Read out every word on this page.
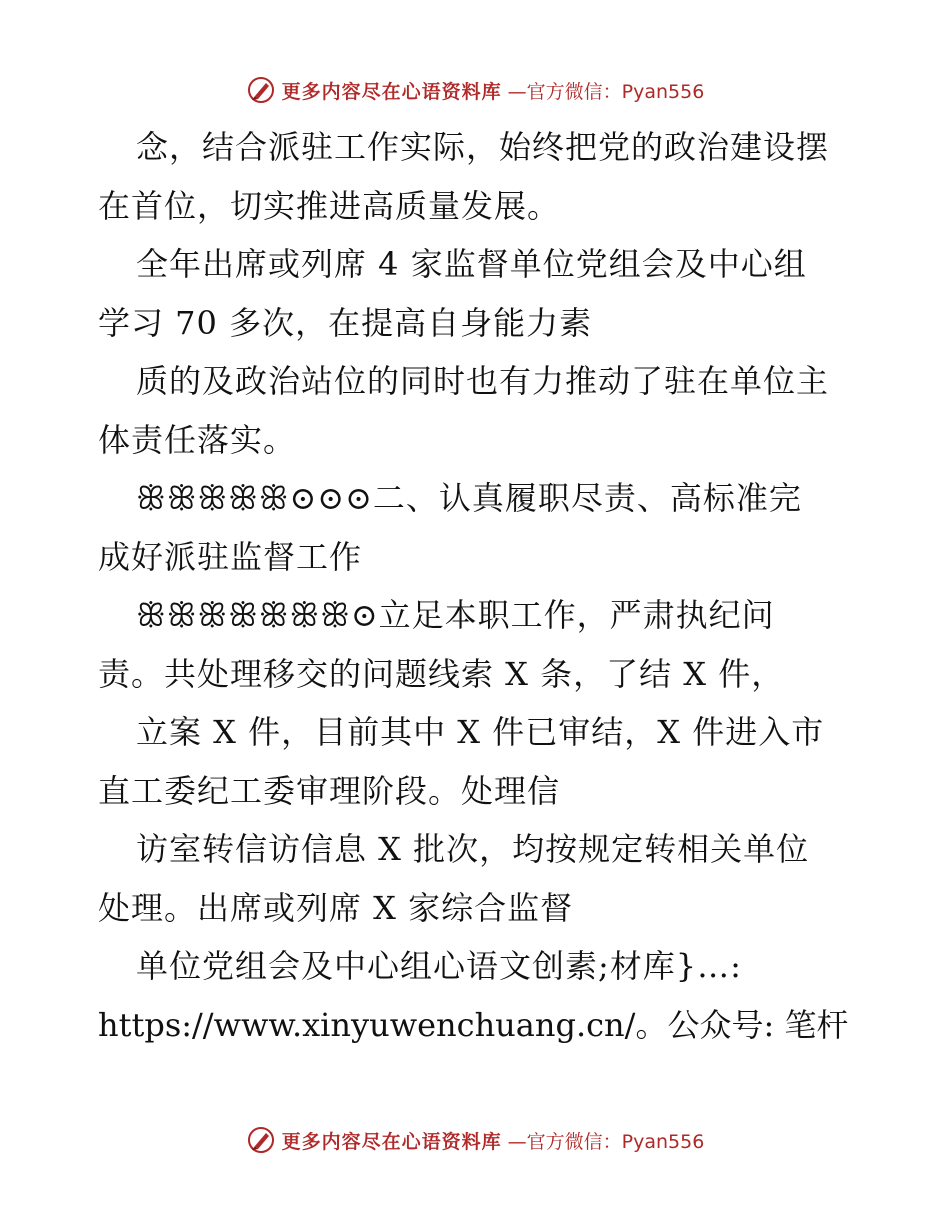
更多内容尽在心语资料库 —官方微信：Pyan556
念，结合派驻工作实际，始终把党的政治建设摆
在首位，切实推进高质量发展。
全年出席或列席 4 家监督单位党组会及中心组
学习 70 多次，在提高自身能力素
质的及政治站位的同时也有力推动了驻在单位主
体责任落实。
ꕥꕥꕥꕥꕥ⊙⊙⊙二、认真履职尽责、高标准完
成好派驻监督工作
ꕥꕥꕥꕥꕥꕥꕥ⊙立足本职工作，严肃执纪问
责。共处理移交的问题线索 X 条，了结 X 件，
立案 X 件，目前其中 X 件已审结，X 件进入市
直工委纪工委审理阶段。处理信
访室转信访信息 X 批次，均按规定转相关单位
处理。出席或列席 X 家综合监督
单位党组会及中心组心语文创素;材库}…:
https://www.xinyuwenchuang.cn/。公众号: 笔杆
更多内容尽在心语资料库 —官方微信：Pyan556
